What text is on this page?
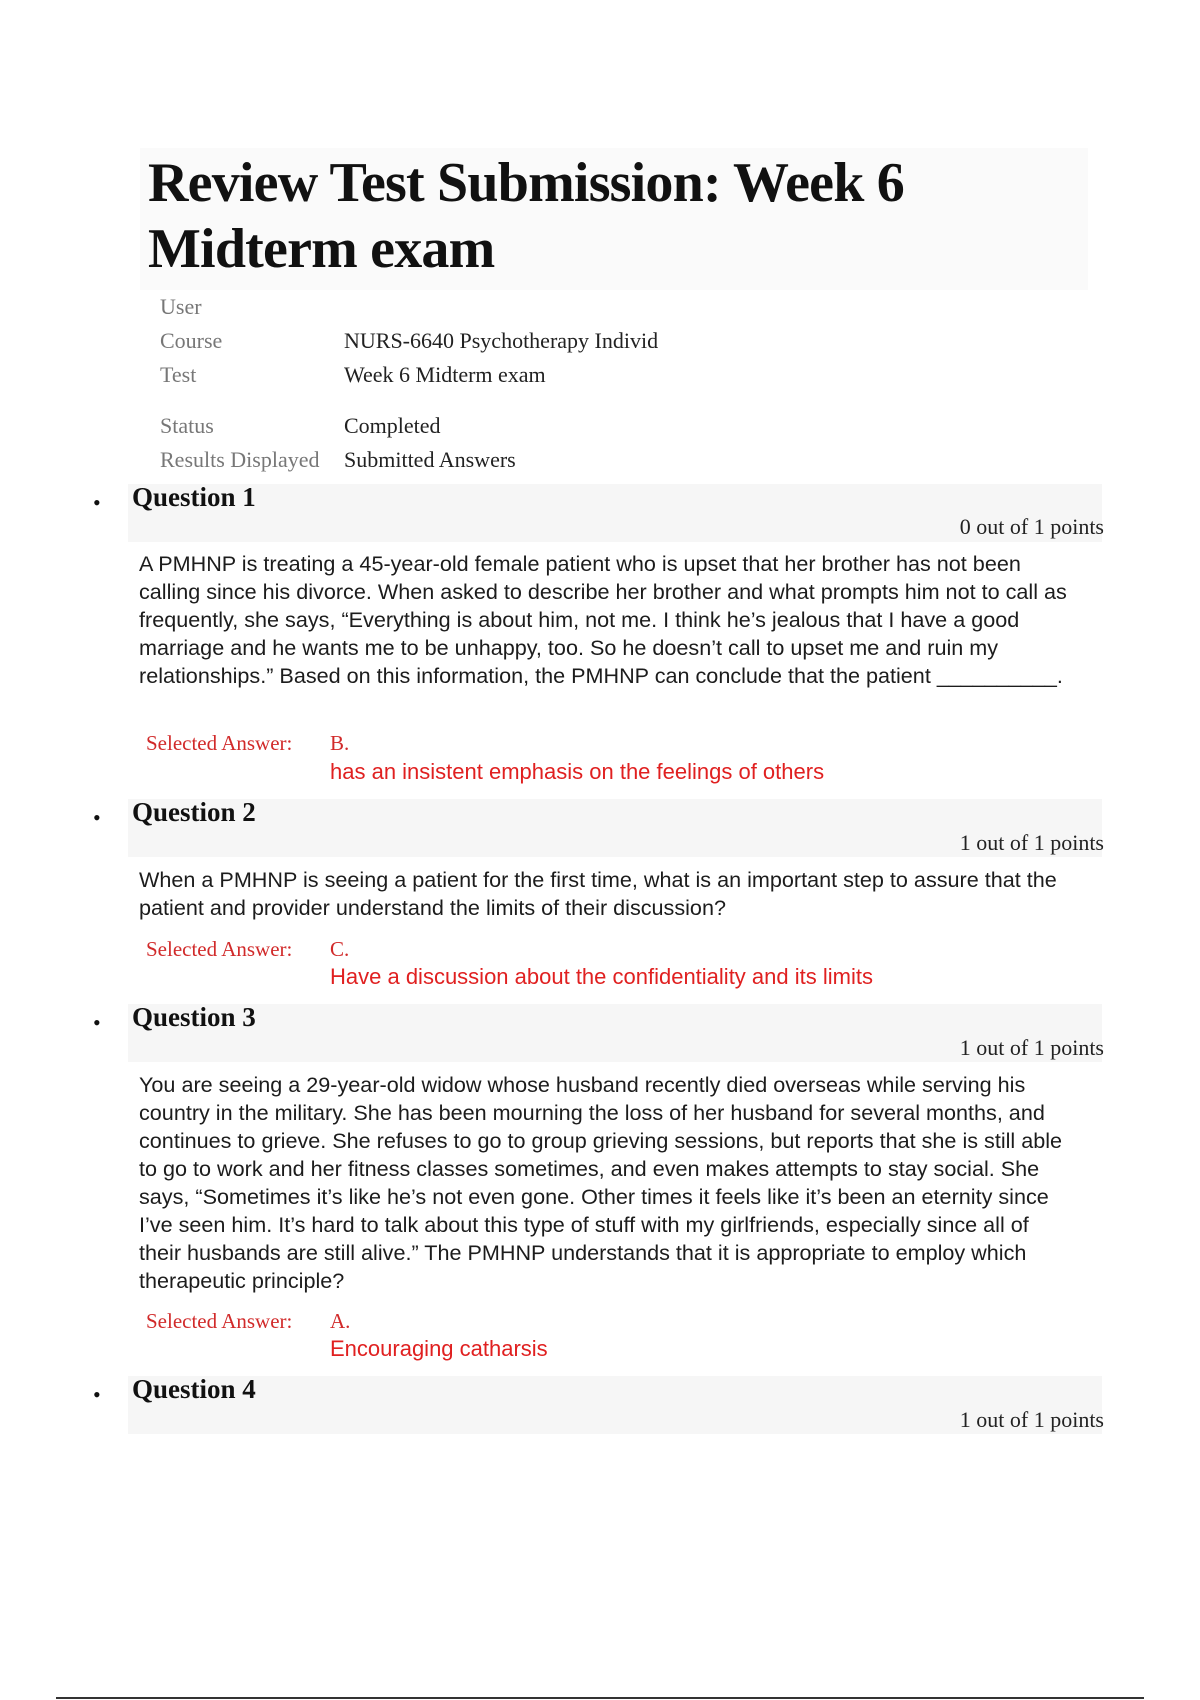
Review Test Submission: Week 6 Midterm exam
User
Course	NURS-6640 Psychotherapy Individ
Test	Week 6 Midterm exam
Status	Completed
Results Displayed Submitted Answers
• Question 1
0 out of 1 points

A PMHNP is treating a 45-year-old female patient who is upset that her brother has not been calling since his divorce. When asked to describe her brother and what prompts him not to call as frequently, she says, “Everything is about him, not me. I think he’s jealous that I have a good marriage and he wants me to be unhappy, too. So he doesn’t call to upset me and ruin my relationships.” Based on this information, the PMHNP can conclude that the patient __________.

Selected Answer: B.
has an insistent emphasis on the feelings of others
• Question 2
1 out of 1 points

When a PMHNP is seeing a patient for the first time, what is an important step to assure that the patient and provider understand the limits of their discussion?

Selected Answer: C.
Have a discussion about the confidentiality and its limits
• Question 3
1 out of 1 points

You are seeing a 29-year-old widow whose husband recently died overseas while serving his country in the military. She has been mourning the loss of her husband for several months, and continues to grieve. She refuses to go to group grieving sessions, but reports that she is still able to go to work and her fitness classes sometimes, and even makes attempts to stay social. She says, “Sometimes it’s like he’s not even gone. Other times it feels like it’s been an eternity since I’ve seen him. It’s hard to talk about this type of stuff with my girlfriends, especially since all of their husbands are still alive.” The PMHNP understands that it is appropriate to employ which therapeutic principle?

Selected Answer: A.
Encouraging catharsis
• Question 4
1 out of 1 points
